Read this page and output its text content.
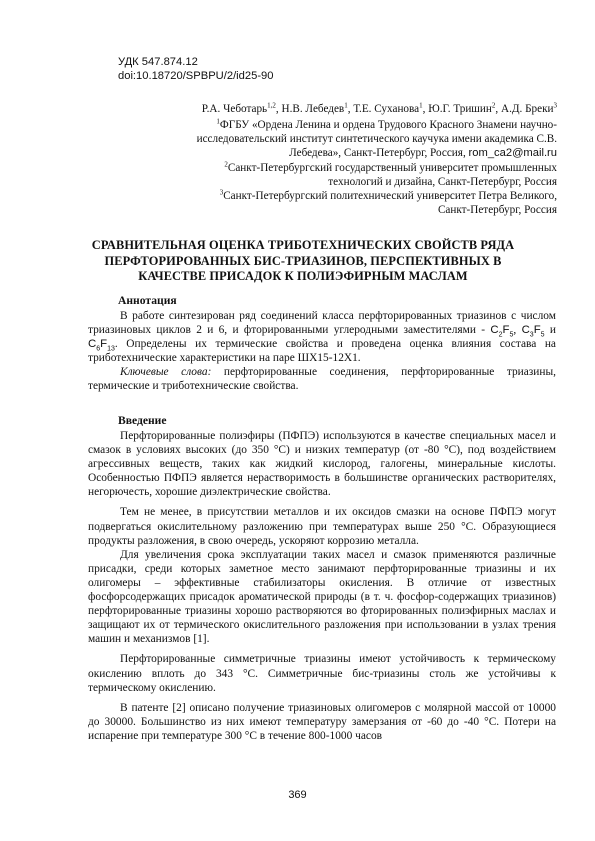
УДК 547.874.12
doi:10.18720/SPBPU/2/id25-90
Р.А. Чеботарь$^{1,2}$, Н.В. Лебедев$^1$, Т.Е. Суханова$^1$, Ю.Г. Тришин$^2$, А.Д. Бреки$^3$
$^1$ФГБУ «Ордена Ленина и ордена Трудового Красного Знамени научно-
исследовательский институт синтетического каучука имени академика С.В.
Лебедева», Санкт-Петербург, Россия, rom_ca2@mail.ru
$^2$Санкт-Петербургский государственный университет промышленных
технологий и дизайна, Санкт-Петербург, Россия
$^3$Санкт-Петербургский политехнический университет Петра Великого,
Санкт-Петербург, Россия
СРАВНИТЕЛЬНАЯ ОЦЕНКА ТРИБОТЕХНИЧЕСКИХ СВОЙСТВ РЯДА
ПЕРФТОРИРОВАННЫХ БИС-ТРИАЗИНОВ, ПЕРСПЕКТИВНЫХ В
КАЧЕСТВЕ ПРИСАДОК К ПОЛИЭФИРНЫМ МАСЛАМ
Аннотация

В работе синтезирован ряд соединений класса перфторированных триазинов с числом триазиновых циклов 2 и 6, и фторированными углеродными заместителями - $C_2F_5$, $C_3F_5$ и $C_6F_{13}$. Определены их термические свойства и проведена оценка влияния состава на триботехнические характеристики на паре ШХ15-12Х1.

Ключевые слова: перфторированные соединения, перфторированные триазины, термические и триботехнические свойства.

Введение

Перфторированные полиэфиры (ПФПЭ) используются в качестве специальных масел и смазок в условиях высоких (до 350 °C) и низких температур (от -80 °C), под воздействием агрессивных веществ, таких как жидкий кислород, галогены, минеральные кислоты. Особенностью ПФПЭ является нерастворимость в большинстве органических растворителях, негорючесть, хорошие диэлектрические свойства.

Тем не менее, в присутствии металлов и их оксидов смазки на основе ПФПЭ могут подвергаться окислительному разложению при температурах выше 250 °C. Образующиеся продукты разложения, в свою очередь, ускоряют коррозию металла.

Для увеличения срока эксплуатации таких масел и смазок применяются различные присадки, среди которых заметное место занимают перфторированные триазины и их олигомеры – эффективные стабилизаторы окисления. В отличие от известных фосфорсодержащих присадок ароматической природы (в т. ч. фосфор-содержащих триазинов) перфторированные триазины хорошо растворяются во фторированных полиэфирных маслах и защищают их от термического окислительного разложения при использовании в узлах трения машин и механизмов [1].

Перфторированные симметричные триазины имеют устойчивость к термическому окислению вплоть до 343 °C. Симметричные бис-триазины столь же устойчивы к термическому окислению.

В патенте [2] описано получение триазиновых олигомеров с молярной массой от 10000 до 30000. Большинство из них имеют температуру замерзания от -60 до -40 °C. Потери на испарение при температуре 300 °C в течение 800-1000 часов

369
